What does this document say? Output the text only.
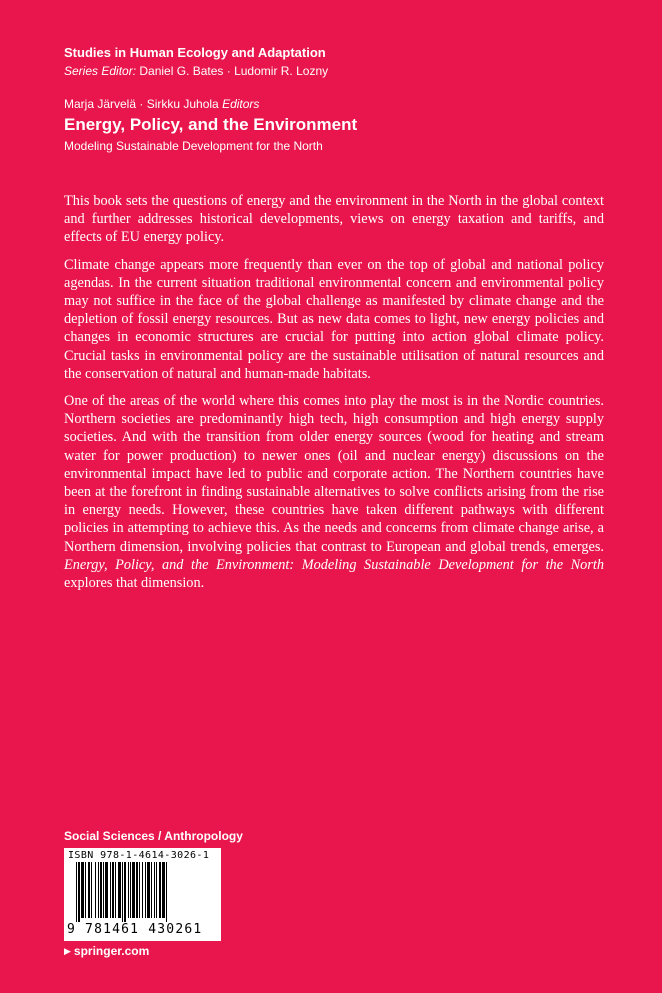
Studies in Human Ecology and Adaptation
Series Editor: Daniel G. Bates · Ludomir R. Lozny
Marja Järvelä · Sirkku Juhola Editors
Energy, Policy, and the Environment
Modeling Sustainable Development for the North

This book sets the questions of energy and the environment in the North in the global context and further addresses historical developments, views on energy taxation and tariffs, and effects of EU energy policy.

Climate change appears more frequently than ever on the top of global and national policy agendas. In the current situation traditional environmental concern and environmental policy may not suffice in the face of the global challenge as manifested by climate change and the depletion of fossil energy resources. But as new data comes to light, new energy policies and changes in economic structures are crucial for putting into action global climate policy. Crucial tasks in environmental policy are the sustainable utilisation of natural resources and the conservation of natural and human-made habitats.

One of the areas of the world where this comes into play the most is in the Nordic countries. Northern societies are predominantly high tech, high consumption and high energy supply societies. And with the transition from older energy sources (wood for heating and stream water for power production) to newer ones (oil and nuclear energy) discussions on the environmental impact have led to public and corporate action. The Northern countries have been at the forefront in finding sustainable alternatives to solve conflicts arising from the rise in energy needs. However, these countries have taken different pathways with different policies in attempting to achieve this. As the needs and concerns from climate change arise, a Northern dimension, involving policies that contrast to European and global trends, emerges. Energy, Policy, and the Environment: Modeling Sustainable Development for the North explores that dimension.

Social Sciences / Anthropology
ISBN 978-1-4614-3026-1
9 781461 430261
▶ springer.com
